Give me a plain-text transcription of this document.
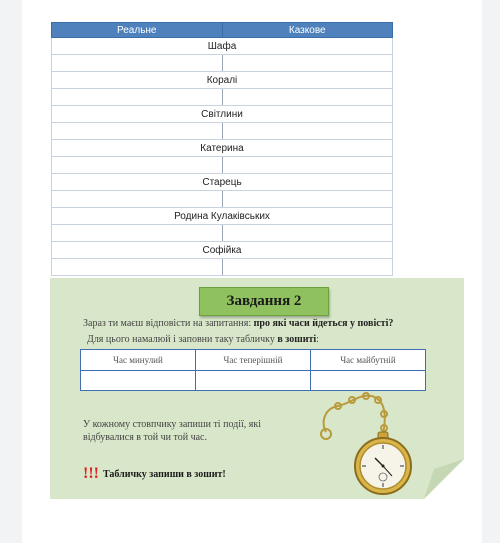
Реальне	Казкове
Шафа	

Коралі	

Світлини	

Катерина	

Старець	

Родина Кулаківських	

Софійка	

Завдання 2
Зараз ти маєш відповісти на запитання: про які часи йдеться у повісті?
Для цього намалюй і заповни таку табличку в зошиті:
Час минулий	Час теперішній	Час майбутній

У кожному стовпчику запиши ті події, які відбувалися в той чи той час.
!!! Табличку запиши в зошит!
